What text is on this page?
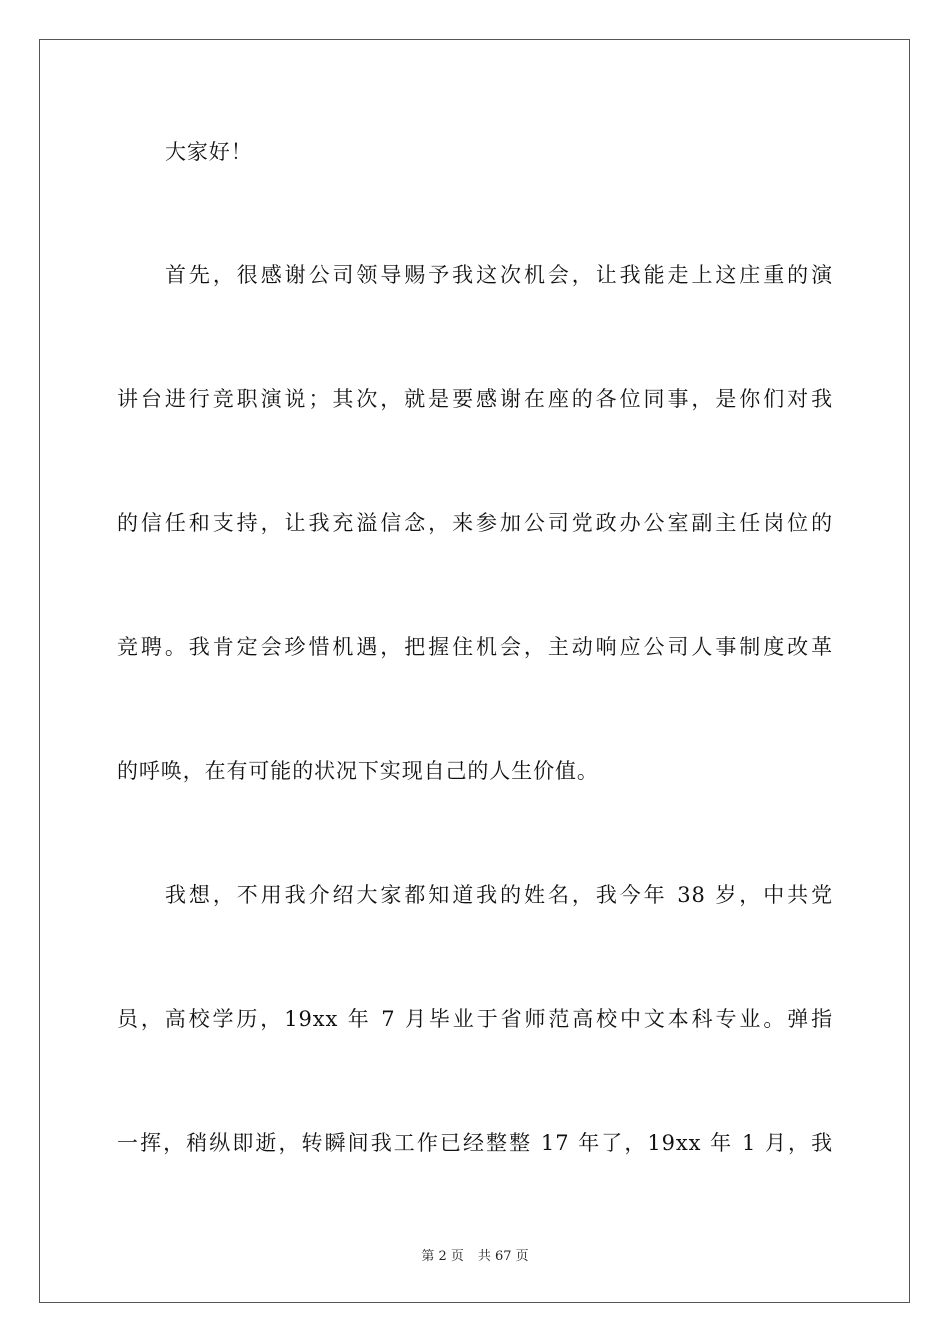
大家好！
首先，很感谢公司领导赐予我这次机会，让我能走上这庄重的演
讲台进行竞职演说；其次，就是要感谢在座的各位同事，是你们对我
的信任和支持，让我充溢信念，来参加公司党政办公室副主任岗位的
竞聘。我肯定会珍惜机遇，把握住机会，主动响应公司人事制度改革
的呼唤，在有可能的状况下实现自己的人生价值。
我想，不用我介绍大家都知道我的姓名，我今年 38 岁，中共党
员，高校学历，19xx 年 7 月毕业于省师范高校中文本科专业。弹指
一挥，稍纵即逝，转瞬间我工作已经整整 17 年了，19xx 年 1 月，我
第 2 页 共 67 页
